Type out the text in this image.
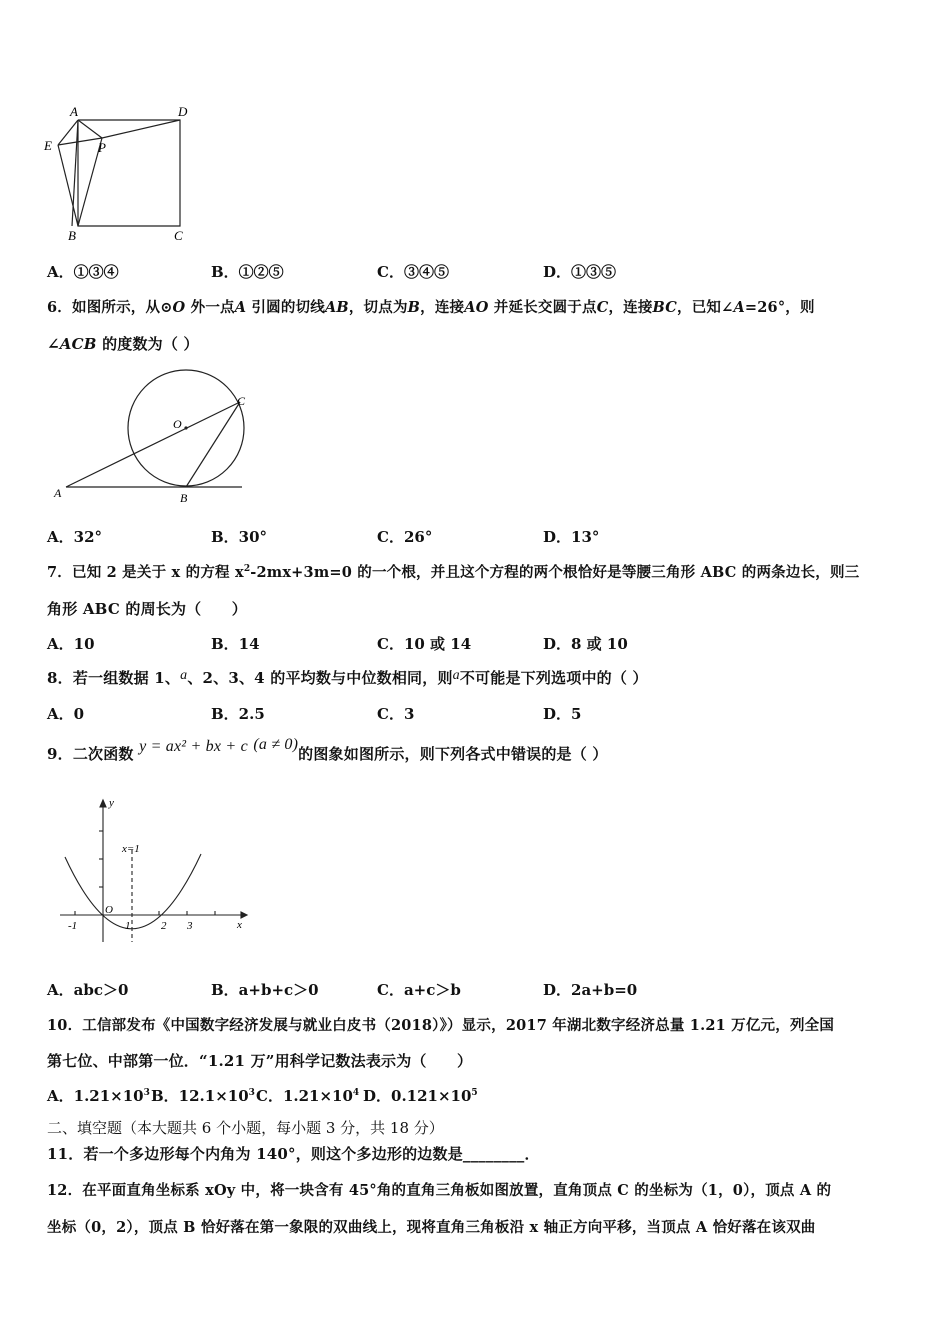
A	D
E	P
B	C
A．①③④	B．①②⑤	C．③④⑤	D．①③⑤
6．如图所示，从⊙O 外一点A 引圆的切线AB，切点为B，连接AO 并延长交圆于点C，连接BC，已知∠A=26°，则
∠ACB 的度数为（ ）
O
C
A	B
A．32°	B．30°	C．26°	D．13°
7．已知 2 是关于 x 的方程 $x^2-2mx+3m=0$ 的一个根，并且这个方程的两个根恰好是等腰三角形 ABC 的两条边长，则三
角形 ABC 的周长为（　　）
A．10	B．14	C．10 或 14	D．8 或 10
8．若一组数据 1、a、2、3、4 的平均数与中位数相同，则a不可能是下列选项中的（ ）
A．0	B．2.5	C．3	D．5
9．二次函数 y = ax² + bx + c (a ≠ 0)的图象如图所示，则下列各式中错误的是（ ）
y
x=1
O
-1	1	2 3	x
A．abc＞0	B．a+b+c＞0	C．a+c＞b	D．2a+b=0
10．工信部发布《中国数字经济发展与就业白皮书（2018）》）显示，2017 年湖北数字经济总量 1.21 万亿元，列全国
第七位、中部第一位．“1.21 万”用科学记数法表示为（　　）
A．$1.21\times 10^3$ B．$12.1\times 10^3$ C．$1.21\times 10^4$ D．$0.121\times 10^5$
二、填空题（本大题共 6 个小题，每小题 3 分，共 18 分）
11．若一个多边形每个内角为 140°，则这个多边形的边数是________．
12．在平面直角坐标系 xOy 中，将一块含有 45°角的直角三角板如图放置，直角顶点 C 的坐标为（1，0），顶点 A 的
坐标（0，2），顶点 B 恰好落在第一象限的双曲线上，现将直角三角板沿 x 轴正方向平移，当顶点 A 恰好落在该双曲
